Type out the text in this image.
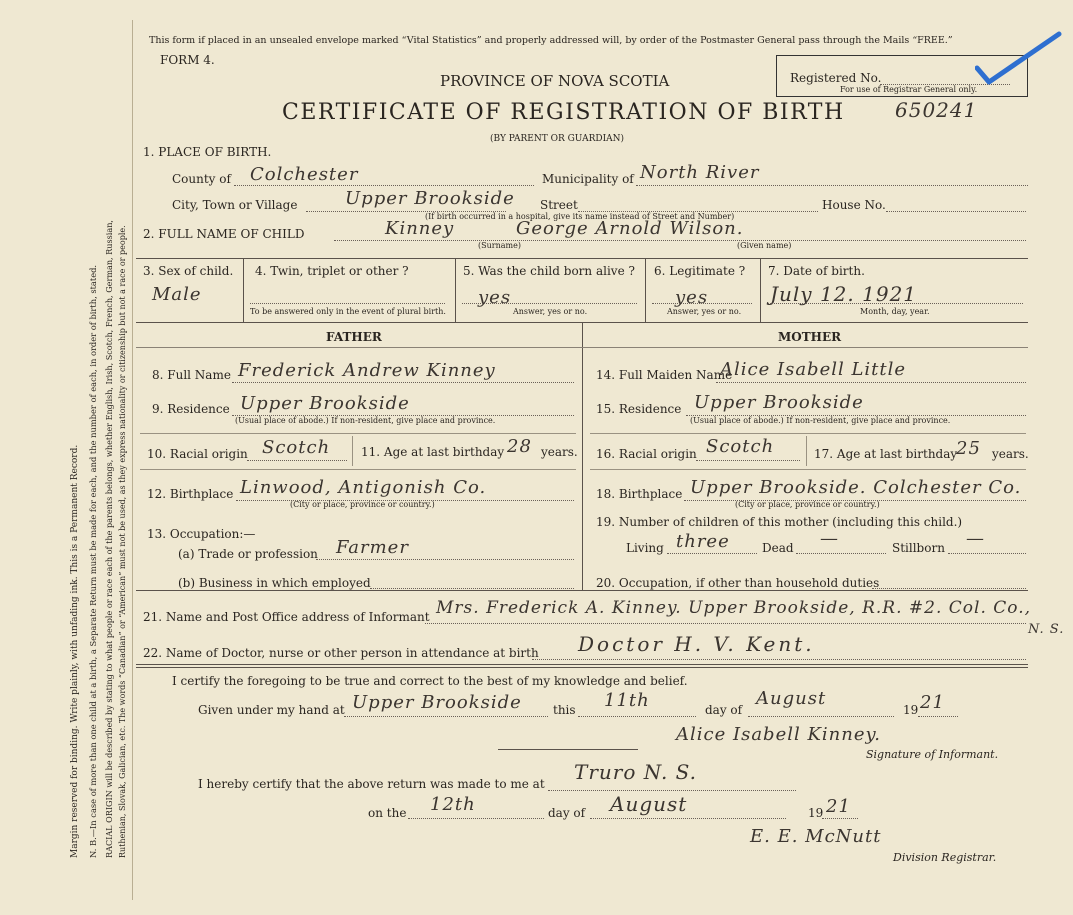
Margin reserved for binding. Write plainly, with unfading ink. This is a Permanent Record. N. B.—In case of more than one child at a birth, a Separate Return must be made for each, and the number of each, in order of birth, stated. RACIAL ORIGIN will be described by stating to what people or race each of the parents belongs, whether English, Irish, Scotch, French, German, Russian, Ruthenian, Slovak, Galician, etc. The words “Canadian” or “American” must not be used, as they express nationality or citizenship but not a race or people.
This form if placed in an unsealed envelope marked “Vital Statistics” and properly addressed will, by order of the Postmaster General pass through the Mails “FREE.”
FORM 4.
Registered No.
For use of Registrar General only.
PROVINCE OF NOVA SCOTIA
CERTIFICATE OF REGISTRATION OF BIRTH	650241
(BY PARENT OR GUARDIAN)
1. PLACE OF BIRTH.
County of Colchester	Municipality of North River
City, Town or Village	Upper Brookside Street	House No.
(If birth occurred in a hospital, give its name instead of Street and Number)
2. FULL NAME OF CHILD	Kinney	George Arnold Wilson.
(Surname)	(Given name)
3. Sex of child.
Male
4. Twin, triplet or other ?
To be answered only in the event of plural birth.
5. Was the child born alive ?
yes
Answer, yes or no.
6. Legitimate ?
yes
Answer, yes or no.
7. Date of birth.
July 12. 1921
Month, day, year.
FATHER	MOTHER
8. Full Name Frederick Andrew Kinney
9. Residence Upper Brookside
(Usual place of abode.) If non-resident, give place and province.
10. Racial origin Scotch	11. Age at last birthday 28 years.
12. Birthplace Linwood, Antigonish Co.
(City or place, province or country.)
13. Occupation:—
(a) Trade or profession Farmer
(b) Business in which employed
14. Full Maiden Name
Alice Isabell Little
15. Residence Upper Brookside
(Usual place of abode.) If non-resident, give place and province.
16. Racial origin Scotch	17. Age at last birthday
25 years.
18. Birthplace Upper Brookside. Colchester Co.
(City or place, province or country.)
19. Number of children of this mother (including this child.)
Living three	Dead —	Stillborn —
20. Occupation, if other than household duties
21. Name and Post Office address of Informant Mrs. Frederick A. Kinney. Upper Brookside, R.R. #2. Col. Co.,
N. S.
22. Name of Doctor, nurse or other person in attendance at birth Doctor H. V. Kent.
I certify the foregoing to be true and correct to the best of my knowledge and belief.
Given under my hand at Upper Brookside	this 11th	day of
August
19 21
Alice Isabell Kinney.
Signature of Informant.
I hereby certify that the above return was made to me at Truro N. S.
on the 12th	day of August	19 21
E. E. McNutt
Division Registrar.
